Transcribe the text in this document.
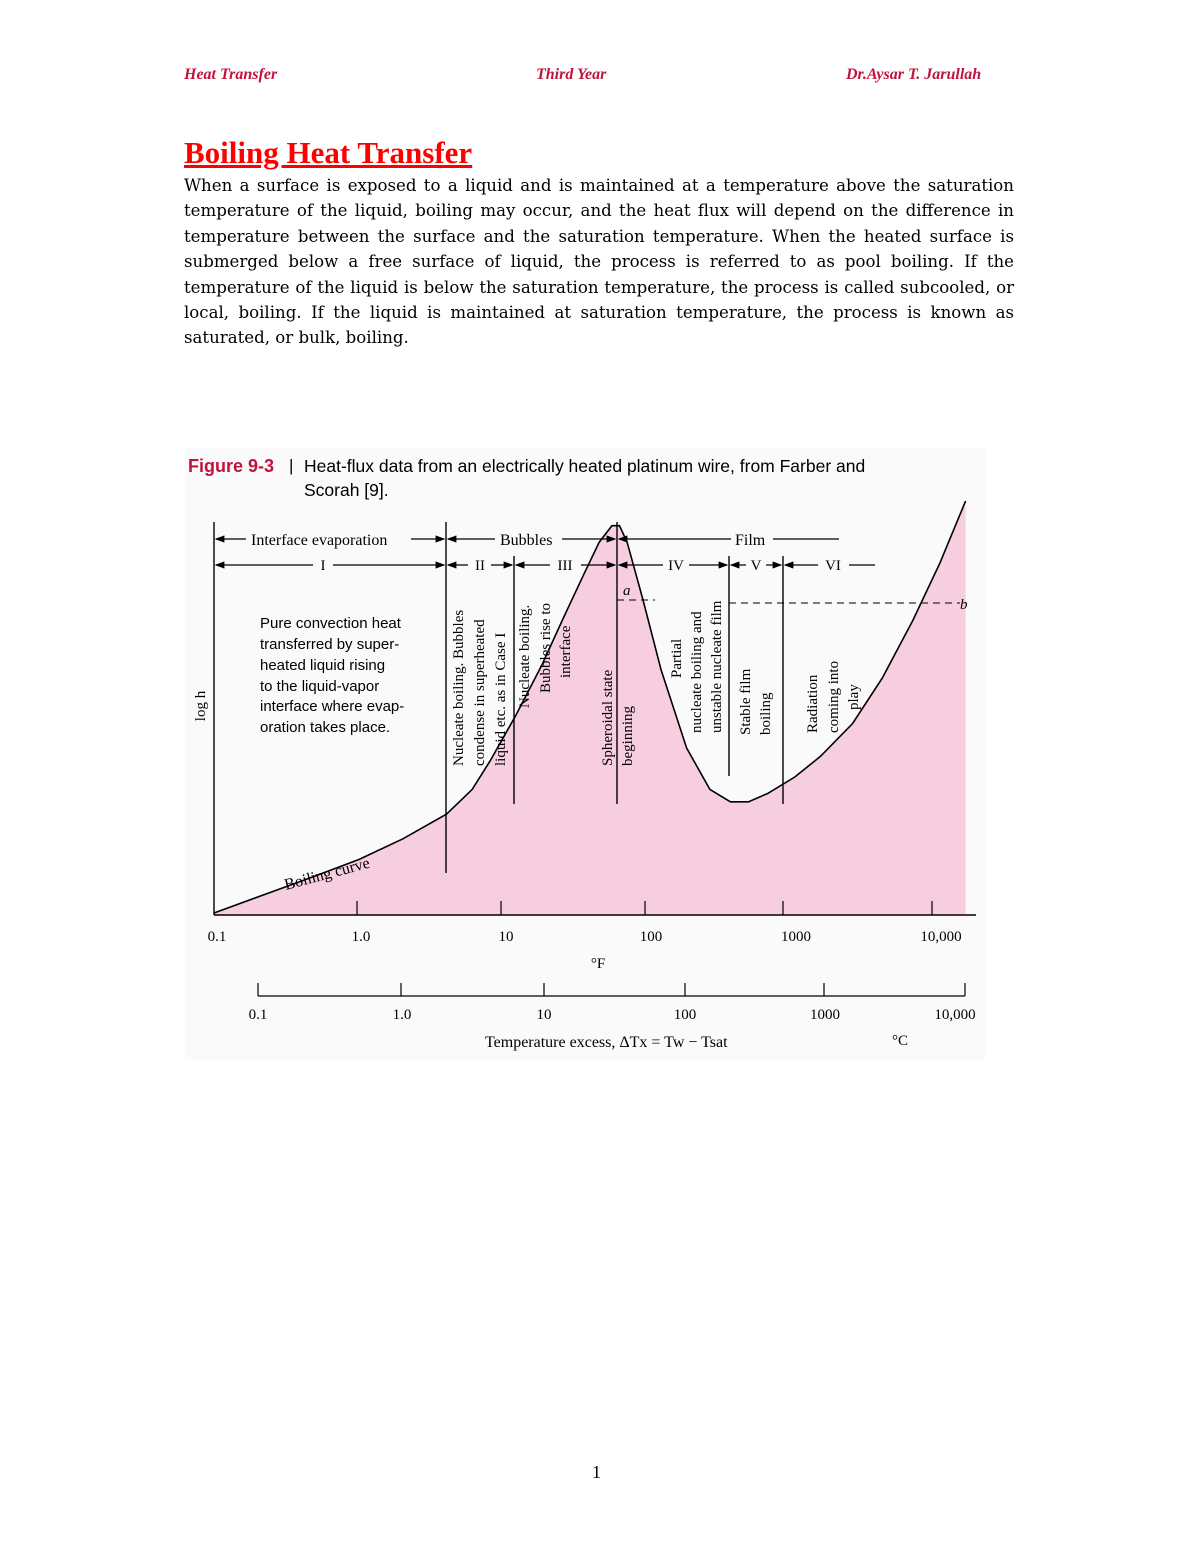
Heat Transfer	Third Year	Dr.Aysar T. Jarullah
Boiling Heat Transfer

When a surface is exposed to a liquid and is maintained at a temperature above the saturation temperature of the liquid, boiling may occur, and the heat flux will depend on the difference in temperature between the surface and the saturation temperature. When the heated surface is submerged below a free surface of liquid, the process is referred to as pool boiling. If the temperature of the liquid is below the saturation temperature, the process is called subcooled, or local, boiling. If the liquid is maintained at saturation temperature, the process is known as saturated, or bulk, boiling.

Figure 9-3 | Heat-flux data from an electrically heated platinum wire, from Farber and
Scorah [9].
log h
a
b
Interface evaporation	Bubbles	Film
I	II	III	IV	V	VI
Pure convection heat
transferred by super-
heated liquid rising
to the liquid-vapor
interface where evap-
oration takes place.	Nucleate boiling. Bubbles condense in superheated liquid etc. as in Case I Nucleate boiling. Bubbles rise to interface
Spheroidal state beginning
Partial nucleate boiling and unstable nucleate film Stable film boiling Radiation coming into play
Boiling curve
0.1	1.0	10	100	1000	10,000
°F
0.1	1.0	10	100	1000	10,000
Temperature excess, ΔTx = Tw − Tsat	°C
1
